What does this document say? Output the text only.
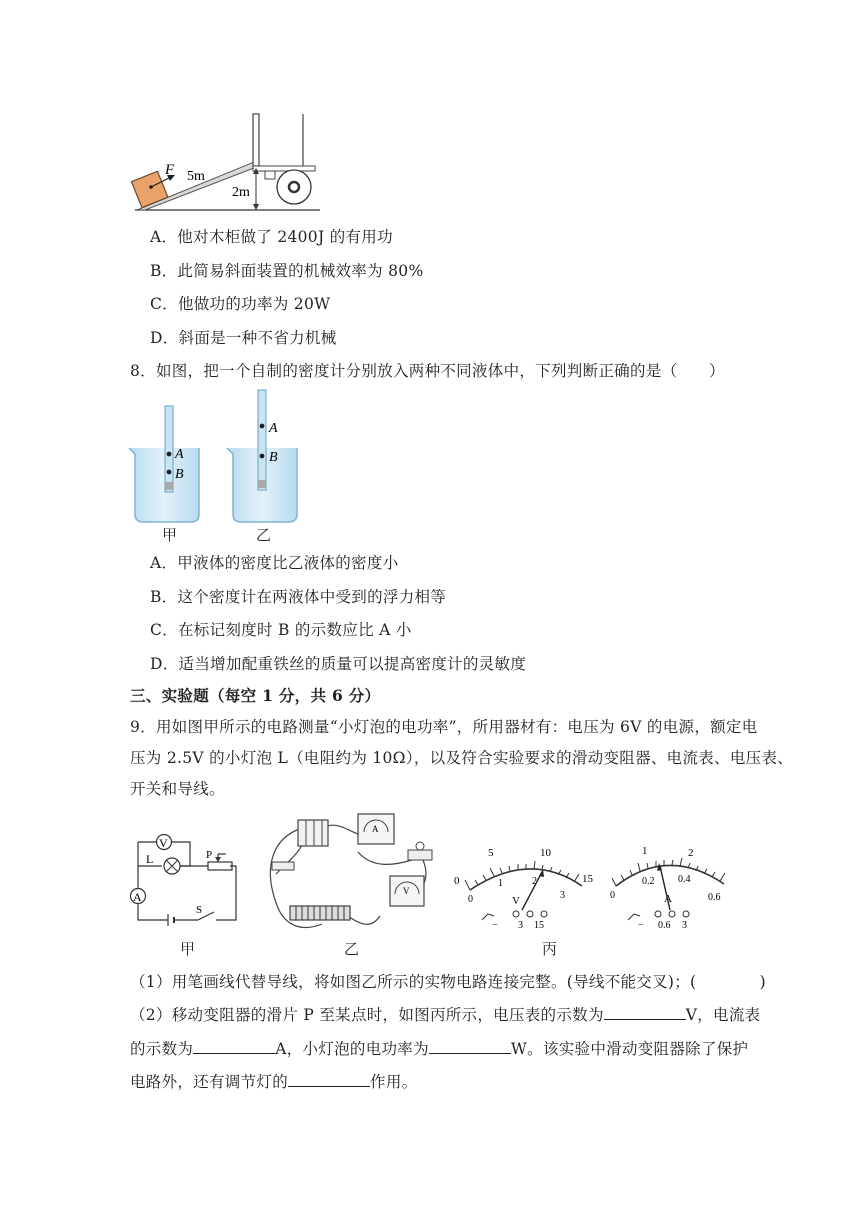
F 5m
2m
A．他对木柜做了 2400J 的有用功
B．此简易斜面装置的机械效率为 80%
C．他做功的功率为 20W
D．斜面是一种不省力机械
8．如图，把一个自制的密度计分别放入两种不同液体中，下列判断正确的是（　　）
A
B
A
B
甲	乙
A．甲液体的密度比乙液体的密度小
B．这个密度计在两液体中受到的浮力相等
C．在标记刻度时 B 的示数应比 A 小
D．适当增加配重铁丝的质量可以提高密度计的灵敏度
三、实验题（每空 1 分，共 6 分）
9．用如图甲所示的电路测量“小灯泡的电功率”，所用器材有：电压为 6V 的电源，额定电
压为 2.5V 的小灯泡 L（电阻约为 10Ω），以及符合实验要求的滑动变阻器、电流表、电压表、
开关和导线。
V
A
L	P
S
A
V
5	10
0	15
0
1	2
3
V
− 3 15
1	2
0
0.2 0.4
0.6
A
− 0.6 3
甲	乙	丙
（1）用笔画线代替导线，将如图乙所示的实物电路连接完整。(导线不能交叉)；(　　　　)
（2）移动变阻器的滑片 P 至某点时，如图丙所示，电压表的示数为	V，电流表
的示数为	A，小灯泡的电功率为	W。该实验中滑动变阻器除了保护
电路外，还有调节灯的	作用。
